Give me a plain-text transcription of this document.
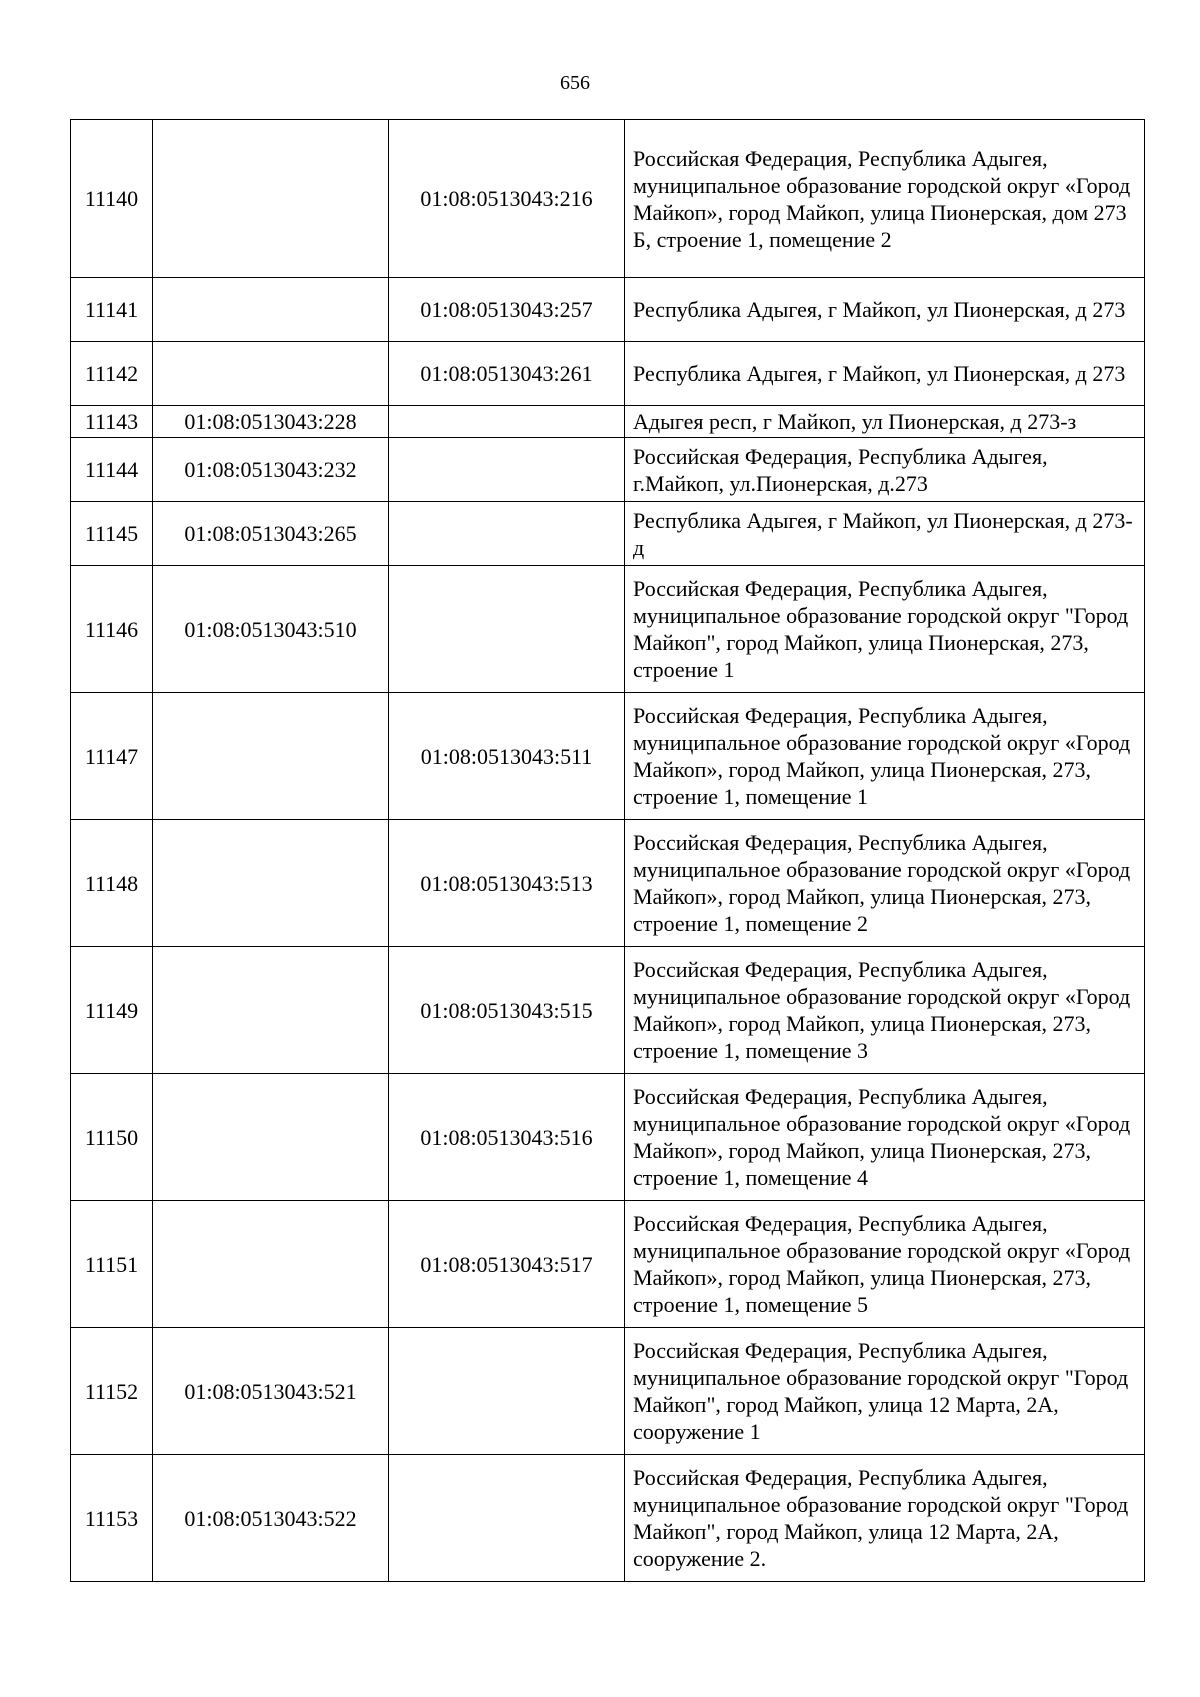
656
11140		01:08:0513043:216	Российская Федерация, Республика Адыгея, муниципальное образование городской округ «Город Майкоп», город Майкоп, улица Пионерская, дом 273 Б, строение 1, помещение 2
11141		01:08:0513043:257	Республика Адыгея, г Майкоп, ул Пионерская, д 273
11142		01:08:0513043:261	Республика Адыгея, г Майкоп, ул Пионерская, д 273
11143	01:08:0513043:228		Адыгея респ, г Майкоп, ул Пионерская, д 273-з
11144	01:08:0513043:232		Российская Федерация, Республика Адыгея, г.Майкоп, ул.Пионерская, д.273
11145	01:08:0513043:265		Республика Адыгея, г Майкоп, ул Пионерская, д 273-д
11146	01:08:0513043:510		Российская Федерация, Республика Адыгея, муниципальное образование городской округ "Город Майкоп", город Майкоп, улица Пионерская, 273, строение 1
11147		01:08:0513043:511	Российская Федерация, Республика Адыгея, муниципальное образование городской округ «Город Майкоп», город Майкоп, улица Пионерская, 273, строение 1, помещение 1
11148		01:08:0513043:513	Российская Федерация, Республика Адыгея, муниципальное образование городской округ «Город Майкоп», город Майкоп, улица Пионерская, 273, строение 1, помещение 2
11149		01:08:0513043:515	Российская Федерация, Республика Адыгея, муниципальное образование городской округ «Город Майкоп», город Майкоп, улица Пионерская, 273, строение 1, помещение 3
11150		01:08:0513043:516	Российская Федерация, Республика Адыгея, муниципальное образование городской округ «Город Майкоп», город Майкоп, улица Пионерская, 273, строение 1, помещение 4
11151		01:08:0513043:517	Российская Федерация, Республика Адыгея, муниципальное образование городской округ «Город Майкоп», город Майкоп, улица Пионерская, 273, строение 1, помещение 5
11152	01:08:0513043:521		Российская Федерация, Республика Адыгея, муниципальное образование городской округ "Город Майкоп", город Майкоп, улица 12 Марта, 2А, сооружение 1
11153	01:08:0513043:522		Российская Федерация, Республика Адыгея, муниципальное образование городской округ "Город Майкоп", город Майкоп, улица 12 Марта, 2А, сооружение 2.
